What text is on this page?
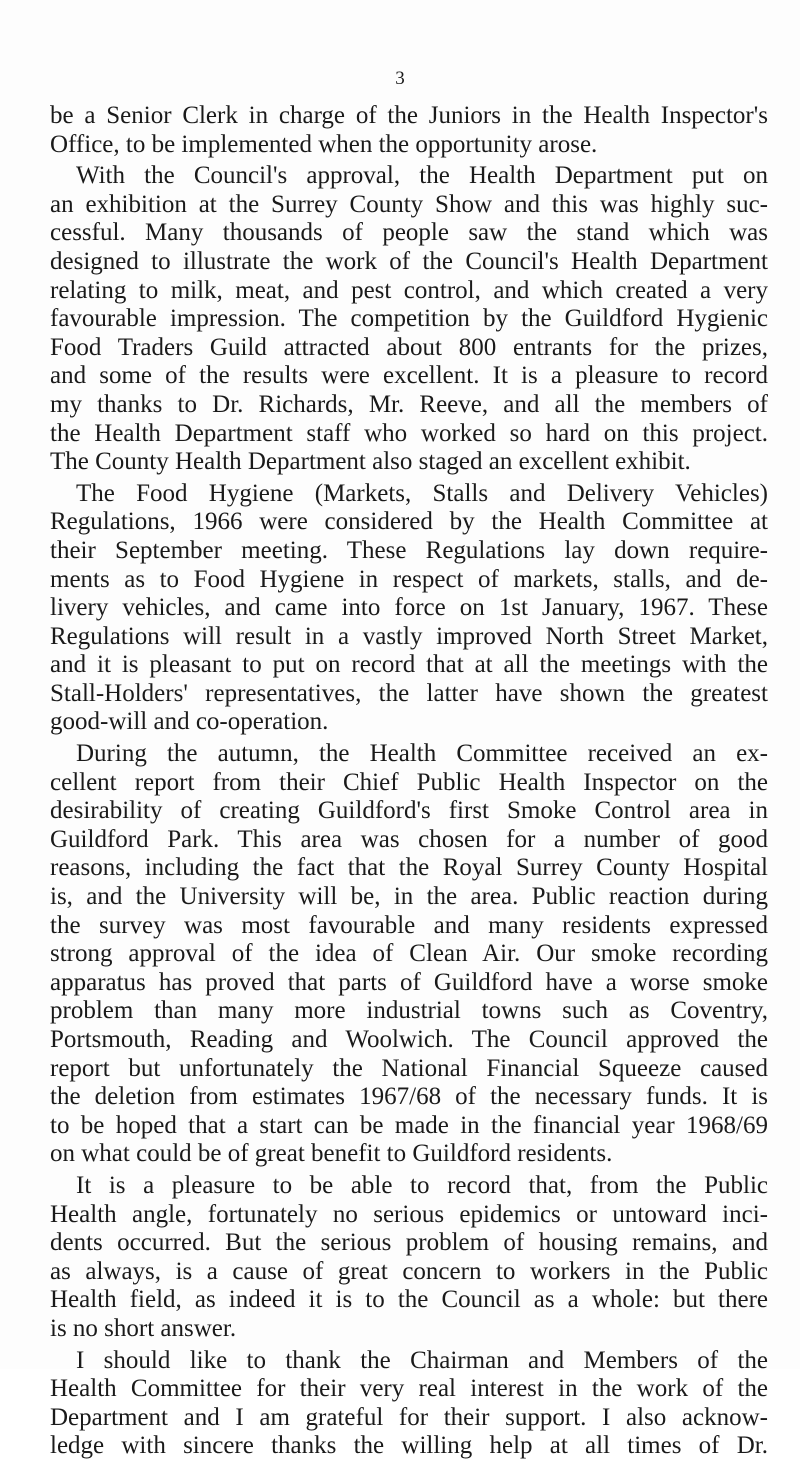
3
be a Senior Clerk in charge of the Juniors in the Health Inspector's
Office, to be implemented when the opportunity arose.
With the Council's approval, the Health Department put on
an exhibition at the Surrey County Show and this was highly suc-
cessful. Many thousands of people saw the stand which was
designed to illustrate the work of the Council's Health Department
relating to milk, meat, and pest control, and which created a very
favourable impression. The competition by the Guildford Hygienic
Food Traders Guild attracted about 800 entrants for the prizes,
and some of the results were excellent. It is a pleasure to record
my thanks to Dr. Richards, Mr. Reeve, and all the members of
the Health Department staff who worked so hard on this project.
The County Health Department also staged an excellent exhibit.
The Food Hygiene (Markets, Stalls and Delivery Vehicles)
Regulations, 1966 were considered by the Health Committee at
their September meeting. These Regulations lay down require-
ments as to Food Hygiene in respect of markets, stalls, and de-
livery vehicles, and came into force on 1st January, 1967. These
Regulations will result in a vastly improved North Street Market,
and it is pleasant to put on record that at all the meetings with the
Stall-Holders' representatives, the latter have shown the greatest
good-will and co-operation.
During the autumn, the Health Committee received an ex-
cellent report from their Chief Public Health Inspector on the
desirability of creating Guildford's first Smoke Control area in
Guildford Park. This area was chosen for a number of good
reasons, including the fact that the Royal Surrey County Hospital
is, and the University will be, in the area. Public reaction during
the survey was most favourable and many residents expressed
strong approval of the idea of Clean Air. Our smoke recording
apparatus has proved that parts of Guildford have a worse smoke
problem than many more industrial towns such as Coventry,
Portsmouth, Reading and Woolwich. The Council approved the
report but unfortunately the National Financial Squeeze caused
the deletion from estimates 1967/68 of the necessary funds. It is
to be hoped that a start can be made in the financial year 1968/69
on what could be of great benefit to Guildford residents.
It is a pleasure to be able to record that, from the Public
Health angle, fortunately no serious epidemics or untoward inci-
dents occurred. But the serious problem of housing remains, and
as always, is a cause of great concern to workers in the Public
Health field, as indeed it is to the Council as a whole: but there
is no short answer.
I should like to thank the Chairman and Members of the
Health Committee for their very real interest in the work of the
Department and I am grateful for their support. I also acknow-
ledge with sincere thanks the willing help at all times of Dr.
